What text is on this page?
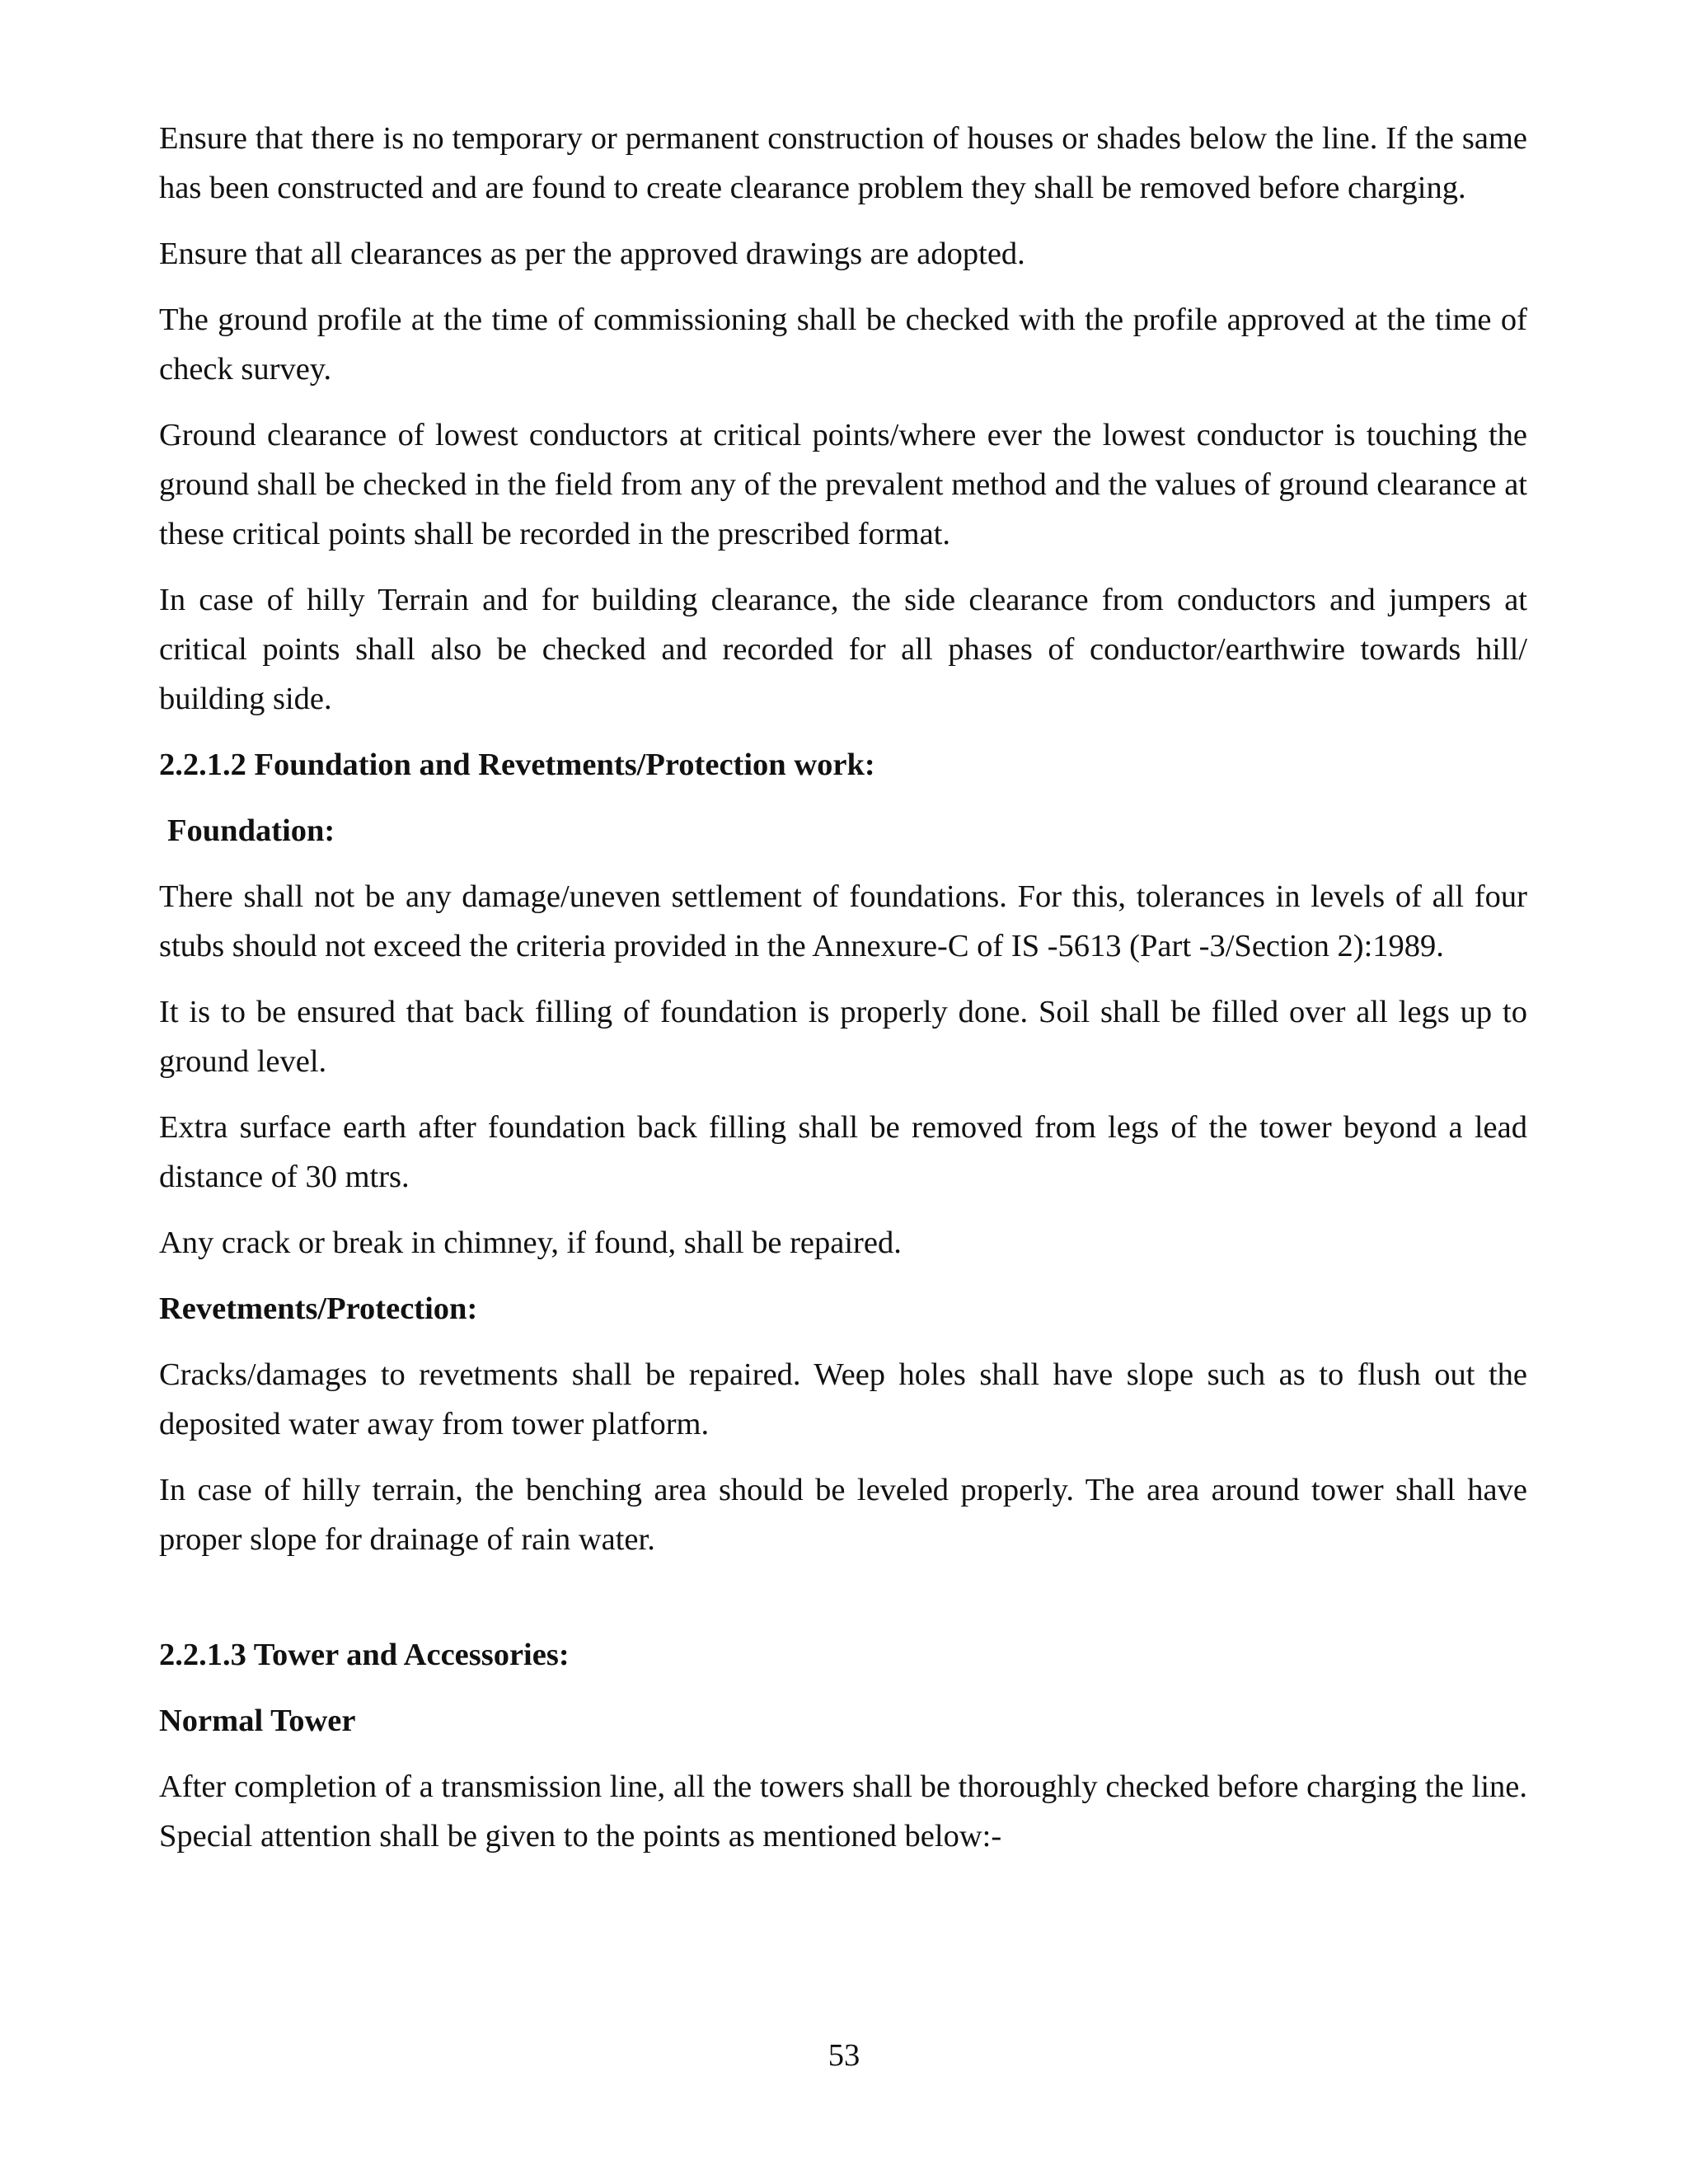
Ensure that there is no temporary or permanent construction of houses or shades below the line. If the same has been constructed and are found to create clearance problem they shall be removed before charging.

Ensure that all clearances as per the approved drawings are adopted.

The ground profile at the time of commissioning shall be checked with the profile approved at the time of check survey.

Ground clearance of lowest conductors at critical points/where ever the lowest conductor is touching the ground shall be checked in the field from any of the prevalent method and the values of ground clearance at these critical points shall be recorded in the prescribed format.

In case of hilly Terrain and for building clearance, the side clearance from conductors and jumpers at critical points shall also be checked and recorded for all phases of conductor/earthwire towards hill/ building side.

2.2.1.2 Foundation and Revetments/Protection work:
Foundation:

There shall not be any damage/uneven settlement of foundations. For this, tolerances in levels of all four stubs should not exceed the criteria provided in the Annexure-C of IS -5613 (Part -3/Section 2):1989.

It is to be ensured that back filling of foundation is properly done. Soil shall be filled over all legs up to ground level.

Extra surface earth after foundation back filling shall be removed from legs of the tower beyond a lead distance of 30 mtrs.

Any crack or break in chimney, if found, shall be repaired.

Revetments/Protection:

Cracks/damages to revetments shall be repaired. Weep holes shall have slope such as to flush out the deposited water away from tower platform.

In case of hilly terrain, the benching area should be leveled properly. The area around tower shall have proper slope for drainage of rain water.

2.2.1.3 Tower and Accessories:
Normal Tower

After completion of a transmission line, all the towers shall be thoroughly checked before charging the line. Special attention shall be given to the points as mentioned below:-

53
